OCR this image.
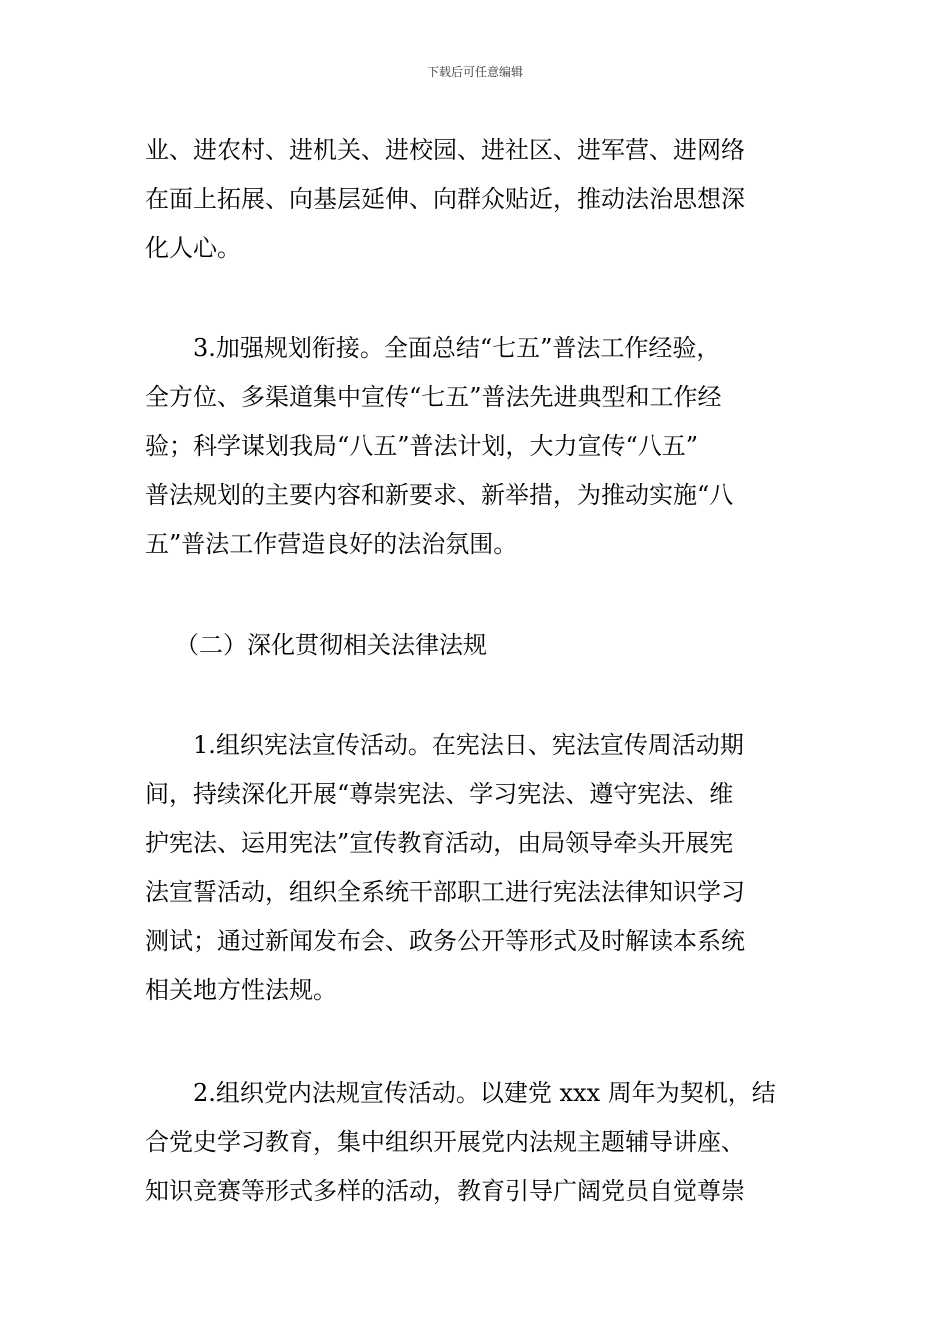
下载后可任意编辑
业、进农村、进机关、进校园、进社区、进军营、进网络
在面上拓展、向基层延伸、向群众贴近，推动法治思想深
化人心。
3.加强规划衔接。全面总结“七五”普法工作经验，
全方位、多渠道集中宣传“七五”普法先进典型和工作经
验；科学谋划我局“八五”普法计划，大力宣传“八五”
普法规划的主要内容和新要求、新举措，为推动实施“八
五”普法工作营造良好的法治氛围。
（二）深化贯彻相关法律法规
1.组织宪法宣传活动。在宪法日、宪法宣传周活动期
间，持续深化开展“尊崇宪法、学习宪法、遵守宪法、维
护宪法、运用宪法”宣传教育活动，由局领导牵头开展宪
法宣誓活动，组织全系统干部职工进行宪法法律知识学习
测试；通过新闻发布会、政务公开等形式及时解读本系统
相关地方性法规。
2.组织党内法规宣传活动。以建党 xxx 周年为契机，结
合党史学习教育，集中组织开展党内法规主题辅导讲座、
知识竞赛等形式多样的活动，教育引导广阔党员自觉尊崇
